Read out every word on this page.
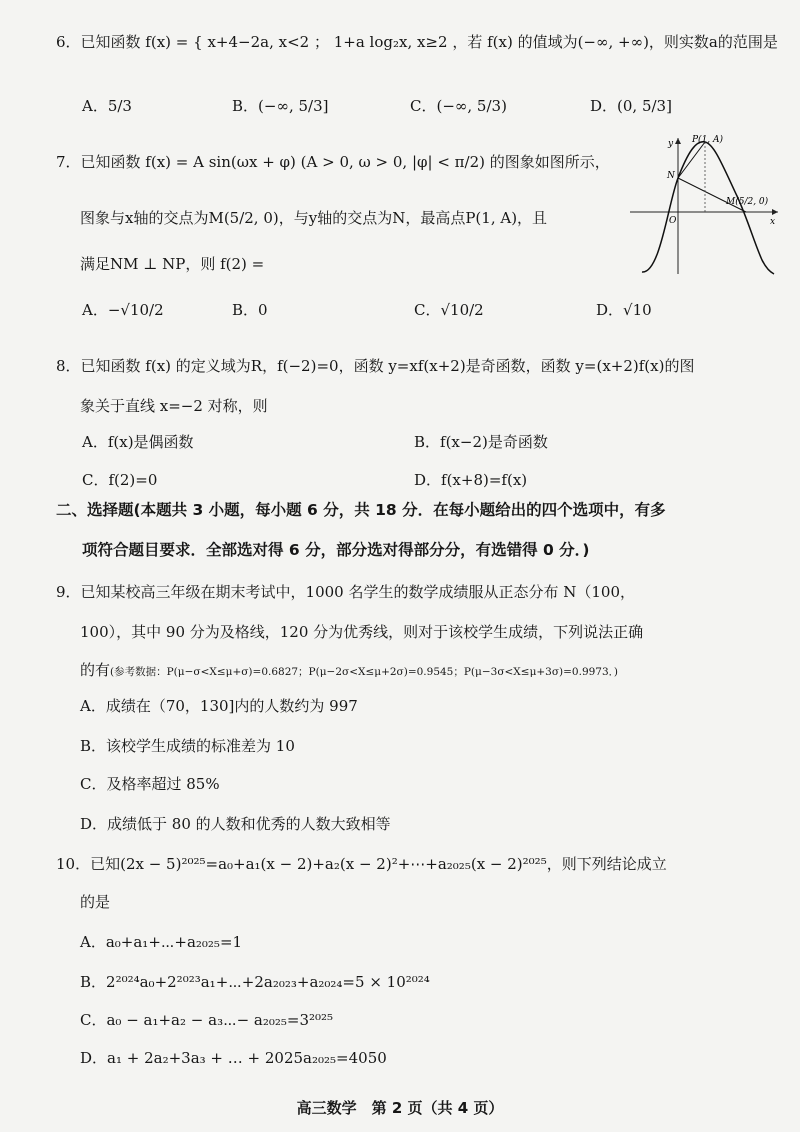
6．已知函数 f(x) = { x+4−2a, x<2 ； 1+a log₂x, x≥2 ，若 f(x) 的值域为(−∞, +∞)，则实数a的范围是
A．5/3	B．(−∞, 5/3]	C．(−∞, 5/3)	D．(0, 5/3]
7．已知函数 f(x) = A sin(ωx + φ) (A > 0, ω > 0, |φ| < π/2) 的图象如图所示，
图象与x轴的交点为M(5/2, 0)，与y轴的交点为N，最高点P(1, A)，且
满足NM ⊥ NP，则 f(2) =
A．−√10/2	B．0	C．√10/2	D．√10
y
x
O
N
P(1, A)
M(5/2, 0)
8．已知函数 f(x) 的定义域为R，f(−2)=0，函数 y=xf(x+2)是奇函数，函数 y=(x+2)f(x)的图
象关于直线 x=−2 对称，则
A．f(x)是偶函数	B．f(x−2)是奇函数
C．f(2)=0	D．f(x+8)=f(x)
二、选择题(本题共 3 小题，每小题 6 分，共 18 分．在每小题给出的四个选项中，有多
项符合题目要求．全部选对得 6 分，部分选对得部分分，有选错得 0 分．)
9．已知某校高三年级在期末考试中，1000 名学生的数学成绩服从正态分布 N（100，
100），其中 90 分为及格线，120 分为优秀线，则对于该校学生成绩，下列说法正确
的有(参考数据：P(μ−σ<X≤μ+σ)=0.6827；P(μ−2σ<X≤μ+2σ)=0.9545；P(μ−3σ<X≤μ+3σ)=0.9973．)
A．成绩在（70，130]内的人数约为 997
B．该校学生成绩的标准差为 10
C．及格率超过 85%
D．成绩低于 80 的人数和优秀的人数大致相等
10．已知(2x − 5)²⁰²⁵=a₀+a₁(x − 2)+a₂(x − 2)²+⋯+a₂₀₂₅(x − 2)²⁰²⁵，则下列结论成立
的是
A．a₀+a₁+⋯+a₂₀₂₅=1
B．2²⁰²⁴a₀+2²⁰²³a₁+⋯+2a₂₀₂₃+a₂₀₂₄=5 × 10²⁰²⁴
C．a₀ − a₁+a₂ − a₃⋯− a₂₀₂₅=3²⁰²⁵
D．a₁ + 2a₂+3a₃ + … + 2025a₂₀₂₅=4050
高三数学　第 2 页（共 4 页）
